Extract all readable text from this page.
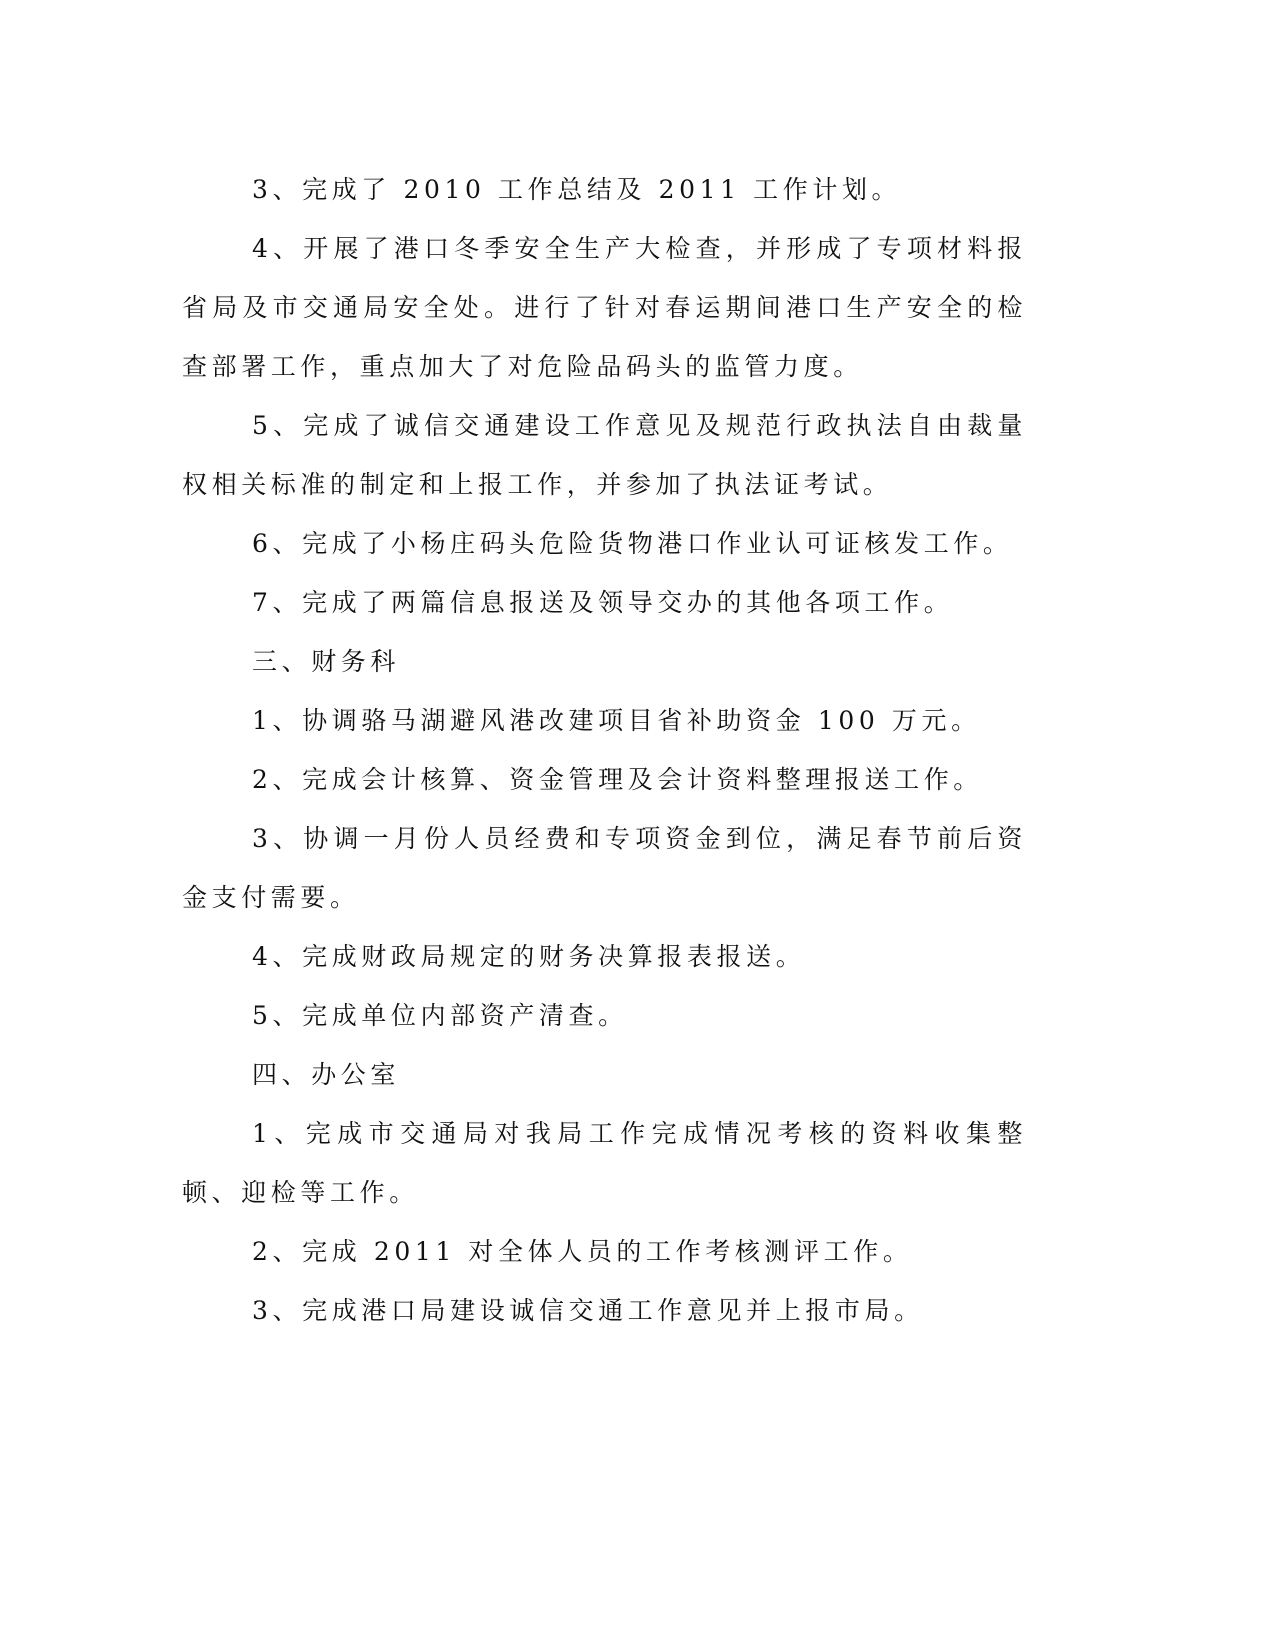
3、完成了 2010 工作总结及 2011 工作计划。

4、开展了港口冬季安全生产大检查，并形成了专项材料报省局及市交通局安全处。进行了针对春运期间港口生产安全的检查部署工作，重点加大了对危险品码头的监管力度。

5、完成了诚信交通建设工作意见及规范行政执法自由裁量权相关标准的制定和上报工作，并参加了执法证考试。

6、完成了小杨庄码头危险货物港口作业认可证核发工作。

7、完成了两篇信息报送及领导交办的其他各项工作。

三、财务科

1、协调骆马湖避风港改建项目省补助资金 100 万元。

2、完成会计核算、资金管理及会计资料整理报送工作。

3、协调一月份人员经费和专项资金到位，满足春节前后资金支付需要。

4、完成财政局规定的财务决算报表报送。

5、完成单位内部资产清查。

四、办公室

1、完成市交通局对我局工作完成情况考核的资料收集整顿、迎检等工作。

2、完成 2011 对全体人员的工作考核测评工作。

3、完成港口局建设诚信交通工作意见并上报市局。
